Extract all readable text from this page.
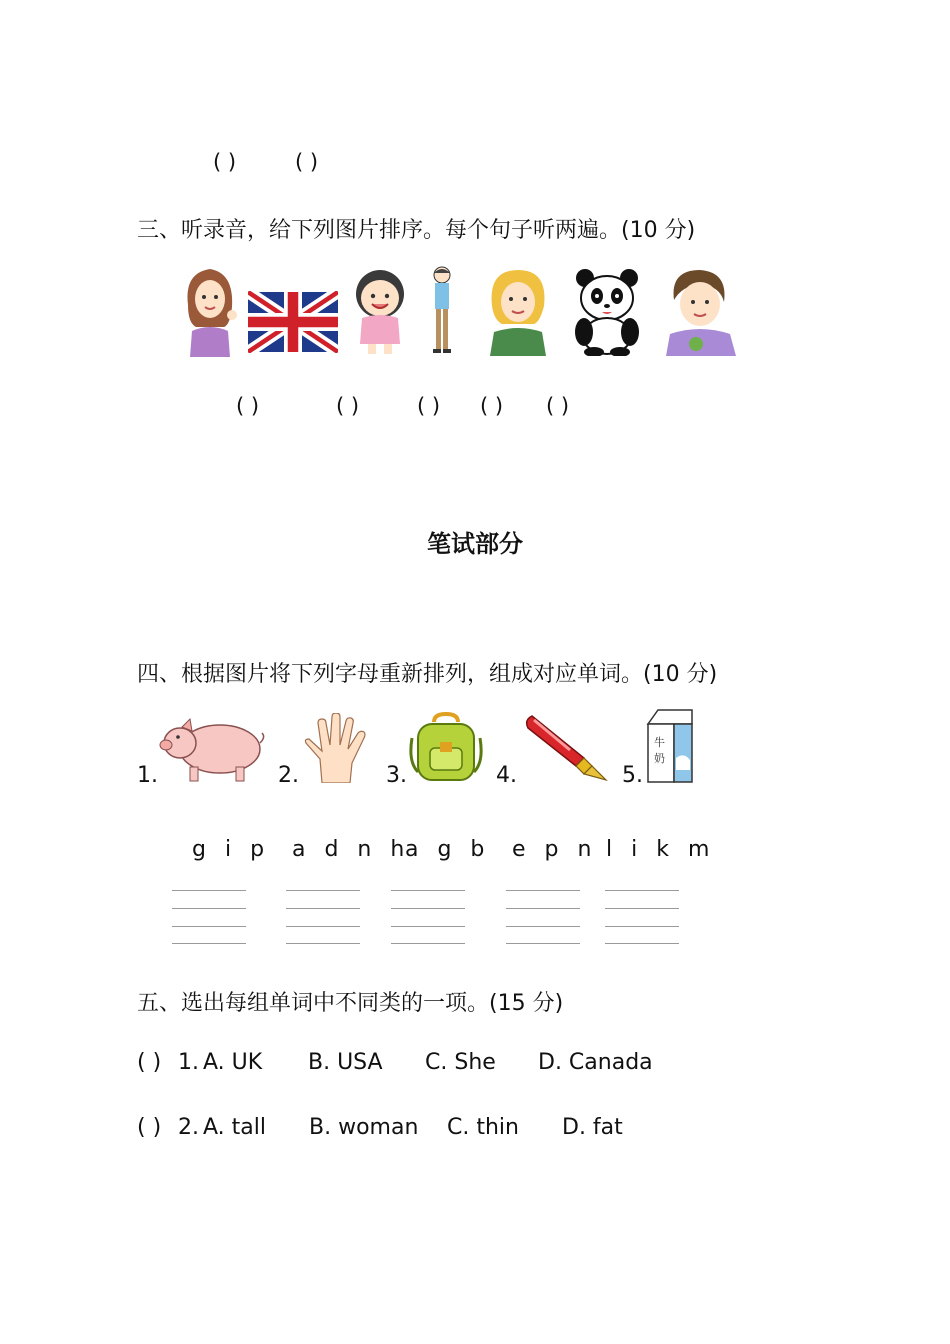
( )	( )
三、听录音，给下列图片排序。每个句子听两遍。(10 分)
( )	( )	( ) ( ) ( )
笔试部分
四、根据图片将下列字母重新排列，组成对应单词。(10 分)
1.	2.	3.	4.	5.
牛
奶
g i p a d n h
a g b e p n l i k m
五、选出每组单词中不同类的一项。(15 分)
( ) 1. A. UK B. USA C. She D. Canada
( ) 2. A. tall B. woman C. thin D. fat
